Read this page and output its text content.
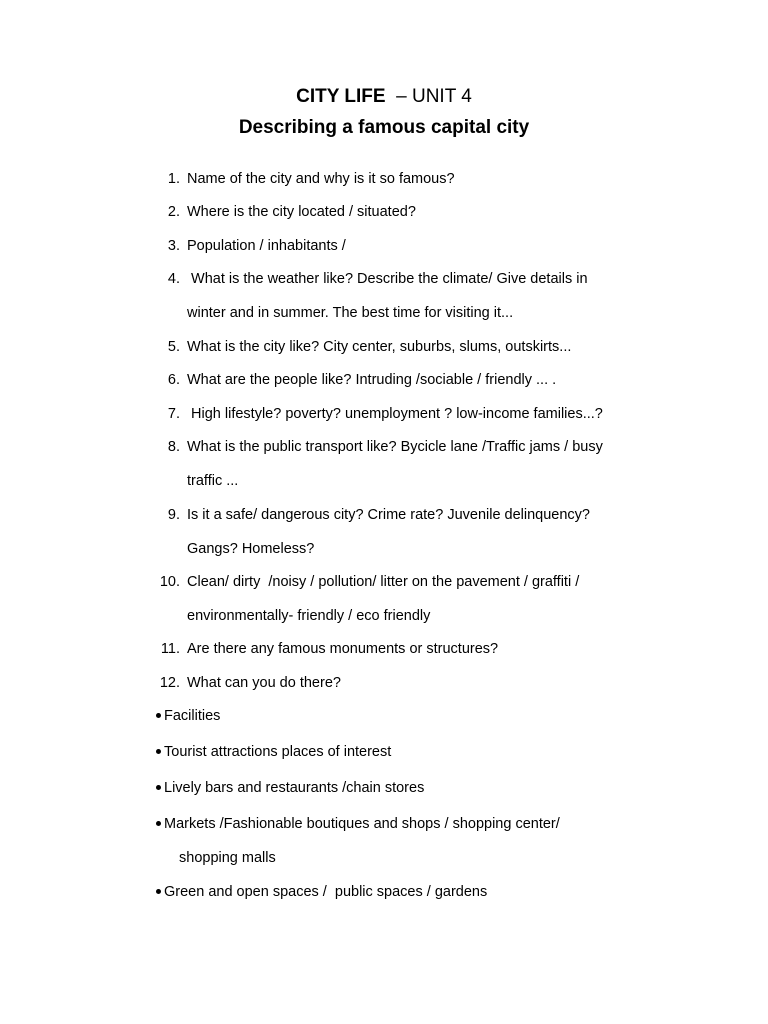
CITY LIFE – UNIT 4
Describing a famous capital city
1. Name of the city and why is it so famous?
2. Where is the city located / situated?
3. Population / inhabitants /
4. What is the weather like? Describe the climate/ Give details in
winter and in summer. The best time for visiting it...
5. What is the city like? City center, suburbs, slums, outskirts...
6. What are the people like? Intruding /sociable / friendly ... .
7. High lifestyle? poverty? unemployment ? low-income families...?
8. What is the public transport like? Bycicle lane /Traffic jams / busy
traffic ...
9. Is it a safe/ dangerous city? Crime rate? Juvenile delinquency?
Gangs? Homeless?
10. Clean/ dirty  /noisy / pollution/ litter on the pavement / graffiti /
environmentally- friendly / eco friendly
11. Are there any famous monuments or structures?
12. What can you do there?
Facilities
Tourist attractions places of interest
Lively bars and restaurants /chain stores
Markets /Fashionable boutiques and shops / shopping center/
shopping malls
Green and open spaces /  public spaces / gardens
